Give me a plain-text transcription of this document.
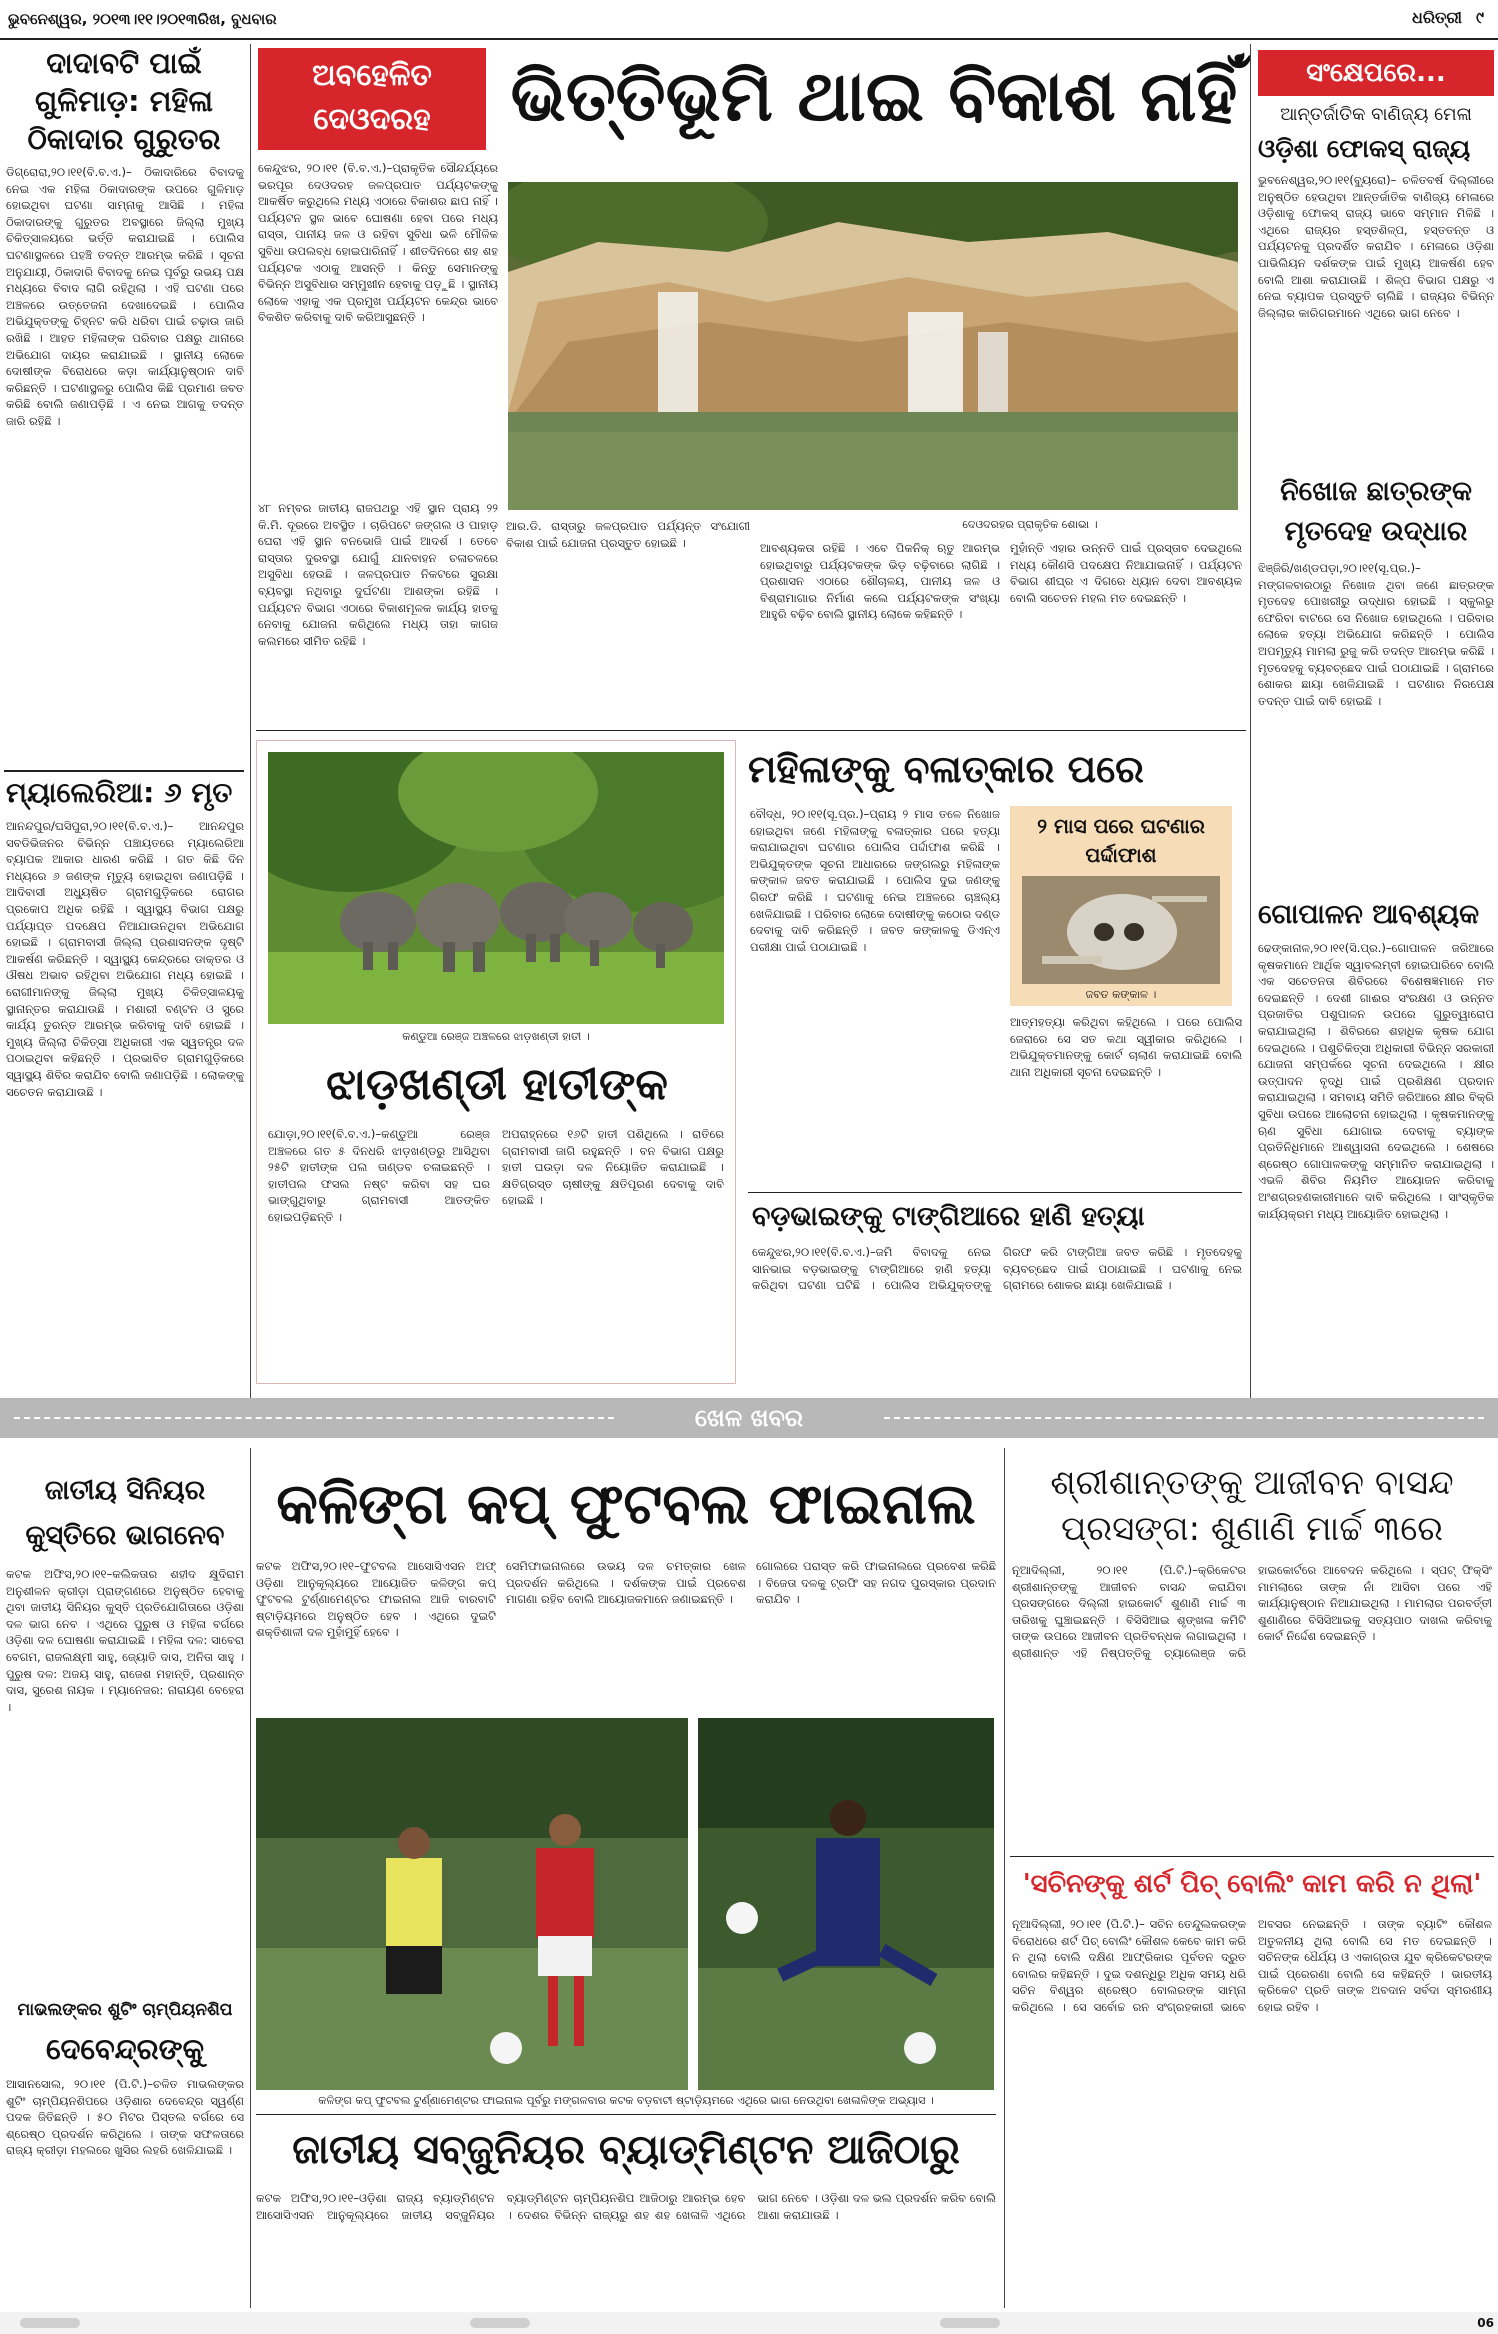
ଭୁବନେଶ୍ୱର, ୨୦୧୩।୧୧।୨୦୧୩ରିଖ, ବୁଧବାର	ଧରିତ୍ରୀ ୯
ଦାଦାବଟି ପାଇଁ ଗୁଳିମାଡ଼: ମହିଳା ଠିକାଦାର ଗୁରୁତର
ଡିଗ୍ରୋରା,୨୦।୧୧(ବି.ବ.ଏ.)– ଠିକାଦାରିରେ ବିବାଦକୁ ନେଇ ଏକ ମହିଳା ଠିକାଦାରଙ୍କ ଉପରେ ଗୁଳିମାଡ଼ ହୋଇଥିବା ଘଟଣା ସାମ୍ନାକୁ ଆସିଛି । ମହିଳା ଠିକାଦାରଙ୍କୁ ଗୁରୁତର ଅବସ୍ଥାରେ ଜିଲ୍ଲା ମୁଖ୍ୟ ଚିକିତ୍ସାଳୟରେ ଭର୍ତ୍ତି କରାଯାଇଛି । ପୋଲିସ ଘଟଣାସ୍ଥଳରେ ପହଞ୍ଚି ତଦନ୍ତ ଆରମ୍ଭ କରିଛି । ସୂଚନା ଅନୁଯାୟୀ, ଠିକାଦାରି ବିବାଦକୁ ନେଇ ପୂର୍ବରୁ ଉଭୟ ପକ୍ଷ ମଧ୍ୟରେ ବିବାଦ ଲାଗି ରହିଥିଲା । ଏହି ଘଟଣା ପରେ ଅଞ୍ଚଳରେ ଉତ୍ତେଜନା ଦେଖାଦେଇଛି । ପୋଲିସ ଅଭିଯୁକ୍ତଙ୍କୁ ଚିହ୍ନଟ କରି ଧରିବା ପାଇଁ ଚଢ଼ାଉ ଜାରି ରଖିଛି । ଆହତ ମହିଳାଙ୍କ ପରିବାର ପକ୍ଷରୁ ଥାନାରେ ଅଭିଯୋଗ ଦାୟର କରାଯାଇଛି । ସ୍ଥାନୀୟ ଲୋକେ ଦୋଷୀଙ୍କ ବିରୋଧରେ କଡ଼ା କାର୍ଯ୍ୟାନୁଷ୍ଠାନ ଦାବି କରିଛନ୍ତି । ଘଟଣାସ୍ଥଳରୁ ପୋଲିସ କିଛି ପ୍ରମାଣ ଜବତ କରିଛି ବୋଲି ଜଣାପଡ଼ିଛି । ଏ ନେଇ ଆଗକୁ ତଦନ୍ତ ଜାରି ରହିଛି ।
ମ୍ୟାଲେରିଆ: ୬ ମୃତ
ଆନନ୍ଦପୁର/ଘସିପୁରା,୨୦।୧୧(ବି.ବ.ଏ.)– ଆନନ୍ଦପୁର ସବଡିଭିଜନର ବିଭିନ୍ନ ପଞ୍ଚାୟତରେ ମ୍ୟାଲେରିଆ ବ୍ୟାପକ ଆକାର ଧାରଣ କରିଛି । ଗତ କିଛି ଦିନ ମଧ୍ୟରେ ୬ ଜଣଙ୍କ ମୃତ୍ୟୁ ହୋଇଥିବା ଜଣାପଡ଼ିଛି । ଆଦିବାସୀ ଅଧ୍ୟୁଷିତ ଗ୍ରାମଗୁଡ଼ିକରେ ରୋଗର ପ୍ରକୋପ ଅଧିକ ରହିଛି । ସ୍ୱାସ୍ଥ୍ୟ ବିଭାଗ ପକ୍ଷରୁ ପର୍ଯ୍ୟାପ୍ତ ପଦକ୍ଷେପ ନିଆଯାଉନଥିବା ଅଭିଯୋଗ ହୋଇଛି । ଗ୍ରାମବାସୀ ଜିଲ୍ଲା ପ୍ରଶାସନଙ୍କ ଦୃଷ୍ଟି ଆକର୍ଷଣ କରିଛନ୍ତି । ସ୍ୱାସ୍ଥ୍ୟ କେନ୍ଦ୍ରରେ ଡାକ୍ତର ଓ ଔଷଧ ଅଭାବ ରହିଥିବା ଅଭିଯୋଗ ମଧ୍ୟ ହୋଇଛି । ରୋଗୀମାନଙ୍କୁ ଜିଲ୍ଲା ମୁଖ୍ୟ ଚିକିତ୍ସାଳୟକୁ ସ୍ଥାନାନ୍ତର କରାଯାଉଛି । ମଶାରୀ ବଣ୍ଟନ ଓ ସ୍ପ୍ରେ କାର୍ଯ୍ୟ ତୁରନ୍ତ ଆରମ୍ଭ କରିବାକୁ ଦାବି ହୋଇଛି । ମୁଖ୍ୟ ଜିଲ୍ଲା ଚିକିତ୍ସା ଅଧିକାରୀ ଏକ ସ୍ୱତନ୍ତ୍ର ଦଳ ପଠାଇଥିବା କହିଛନ୍ତି । ପ୍ରଭାବିତ ଗ୍ରାମଗୁଡ଼ିକରେ ସ୍ୱାସ୍ଥ୍ୟ ଶିବିର କରାଯିବ ବୋଲି ଜଣାପଡ଼ିଛି । ଲୋକଙ୍କୁ ସଚେତନ କରାଯାଉଛି ।
ଅବହେଳିତ ଦେଓଦରହ	ଭିତ୍ତିଭୂମି ଥାଇ ବିକାଶ ନାହିଁ
କେନ୍ଦୁଝର, ୨୦।୧୧ (ବି.ବ.ଏ.)–ପ୍ରାକୃତିକ ସୌନ୍ଦର୍ଯ୍ୟରେ ଭରପୂର ଦେଓଦରହ ଜଳପ୍ରପାତ ପର୍ଯ୍ୟଟକଙ୍କୁ ଆକର୍ଷିତ କରୁଥିଲେ ମଧ୍ୟ ଏଠାରେ ବିକାଶର ଛାପ ନାହିଁ । ପର୍ଯ୍ୟଟନ ସ୍ଥଳ ଭାବେ ଘୋଷଣା ହେବା ପରେ ମଧ୍ୟ ରାସ୍ତା, ପାନୀୟ ଜଳ ଓ ରହିବା ସୁବିଧା ଭଳି ମୌଳିକ ସୁବିଧା ଉପଲବ୍ଧ ହୋଇପାରିନାହିଁ । ଶୀତଦିନରେ ଶହ ଶହ ପର୍ଯ୍ୟଟକ ଏଠାକୁ ଆସନ୍ତି । କିନ୍ତୁ ସେମାନଙ୍କୁ ବିଭିନ୍ନ ଅସୁବିଧାର ସମ୍ମୁଖୀନ ହେବାକୁ ପଡ଼ୁଛି । ସ୍ଥାନୀୟ ଲୋକେ ଏହାକୁ ଏକ ପ୍ରମୁଖ ପର୍ଯ୍ୟଟନ କେନ୍ଦ୍ର ଭାବେ ବିକଶିତ କରିବାକୁ ଦାବି କରିଆସୁଛନ୍ତି ।
୪୮ ନମ୍ବର ଜାତୀୟ ରାଜପଥରୁ ଏହି ସ୍ଥାନ ପ୍ରାୟ ୨୨ କି.ମି. ଦୂରରେ ଅବସ୍ଥିତ । ଚାରିପଟେ ଜଙ୍ଗଲ ଓ ପାହାଡ଼ ଘେରା ଏହି ସ୍ଥାନ ବନଭୋଜି ପାଇଁ ଆଦର୍ଶ । ତେବେ ରାସ୍ତାର ଦୁରବସ୍ଥା ଯୋଗୁଁ ଯାନବାହନ ଚଳାଚଳରେ ଅସୁବିଧା ହେଉଛି । ଜଳପ୍ରପାତ ନିକଟରେ ସୁରକ୍ଷା ବ୍ୟବସ୍ଥା ନଥିବାରୁ ଦୁର୍ଘଟଣା ଆଶଙ୍କା ରହିଛି । ପର୍ଯ୍ୟଟନ ବିଭାଗ ଏଠାରେ ବିକାଶମୂଳକ କାର୍ଯ୍ୟ ହାତକୁ ନେବାକୁ ଯୋଜନା କରିଥିଲେ ମଧ୍ୟ ତାହା କାଗଜ କଲମରେ ସୀମିତ ରହିଛି ।
ଆର.ଡି. ରାସ୍ତାରୁ ଜଳପ୍ରପାତ ପର୍ଯ୍ୟନ୍ତ ସଂଯୋଗୀ ବିକାଶ ପାଇଁ ଯୋଜନା ପ୍ରସ୍ତୁତ ହୋଇଛି ।
ଦେଓଦରହର ପ୍ରାକୃତିକ ଶୋଭା ।
ଆବଶ୍ୟକତା ରହିଛି । ଏବେ ପିକନିକ୍ ଋତୁ ଆରମ୍ଭ ହୋଇଥିବାରୁ ପର୍ଯ୍ୟଟକଙ୍କ ଭିଡ଼ ବଢ଼ିବାରେ ଲାଗିଛି । ପ୍ରଶାସନ ଏଠାରେ ଶୌଚାଳୟ, ପାନୀୟ ଜଳ ଓ ବିଶ୍ରାମାଗାର ନିର୍ମାଣ କଲେ ପର୍ଯ୍ୟଟକଙ୍କ ସଂଖ୍ୟା ଆହୁରି ବଢ଼ିବ ବୋଲି ସ୍ଥାନୀୟ ଲୋକେ କହିଛନ୍ତି ।
ମୁହାଁନ୍ତି ଏହାର ଉନ୍ନତି ପାଇଁ ପ୍ରସ୍ତାବ ଦେଇଥିଲେ ମଧ୍ୟ କୌଣସି ପଦକ୍ଷେପ ନିଆଯାଇନାହିଁ । ପର୍ଯ୍ୟଟନ ବିଭାଗ ଶୀଘ୍ର ଏ ଦିଗରେ ଧ୍ୟାନ ଦେବା ଆବଶ୍ୟକ ବୋଲି ସଚେତନ ମହଲ ମତ ଦେଇଛନ୍ତି ।
କଣ୍ଡୁଆ ରେଞ୍ଜ ଅଞ୍ଚଳରେ ଝାଡ଼ଖଣ୍ଡୀ ହାତୀ ।
ଝାଡ଼ଖଣ୍ଡୀ ହାତୀଙ୍କ
ଯୋଡ଼ା,୨୦।୧୧(ବି.ବ.ଏ.)–କଣ୍ଡୁଆ ରେଞ୍ଜ ଅଞ୍ଚଳରେ ଗତ ୫ ଦିନଧରି ଝାଡ଼ଖଣ୍ଡରୁ ଆସିଥିବା ୨୫ଟି ହାତୀଙ୍କ ପଲ ତାଣ୍ଡବ ଚଳାଇଛନ୍ତି । ହାତୀପଲ ଫସଲ ନଷ୍ଟ କରିବା ସହ ଘର ଭାଙ୍ଗୁଥିବାରୁ ଗ୍ରାମବାସୀ ଆତଙ୍କିତ ହୋଇପଡ଼ିଛନ୍ତି ।
ଅପରାହ୍ନରେ ୧୬ଟି ହାତୀ ପଶିଥିଲେ । ରାତିରେ ଗ୍ରାମବାସୀ ଜାଗି ରହୁଛନ୍ତି । ବନ ବିଭାଗ ପକ୍ଷରୁ ହାତୀ ଘଉଡ଼ା ଦଳ ନିୟୋଜିତ କରାଯାଇଛି । କ୍ଷତିଗ୍ରସ୍ତ ଚାଷୀଙ୍କୁ କ୍ଷତିପୂରଣ ଦେବାକୁ ଦାବି ହୋଇଛି ।
ମହିଳାଙ୍କୁ ବଳାତ୍କାର ପରେ
ବୌଦ୍ଧ, ୨୦।୧୧(ସୂ.ପ୍ର.)–ପ୍ରାୟ ୨ ମାସ ତଳେ ନିଖୋଜ ହୋଇଥିବା ଜଣେ ମହିଳାଙ୍କୁ ବଳାତ୍କାର ପରେ ହତ୍ୟା କରାଯାଇଥିବା ଘଟଣାର ପୋଲିସ ପର୍ଦ୍ଦାଫାଶ କରିଛି । ଅଭିଯୁକ୍ତଙ୍କ ସୂଚନା ଆଧାରରେ ଜଙ୍ଗଲରୁ ମହିଳାଙ୍କ କଙ୍କାଳ ଜବତ କରାଯାଇଛି । ପୋଲିସ ଦୁଇ ଜଣଙ୍କୁ ଗିରଫ କରିଛି । ଘଟଣାକୁ ନେଇ ଅଞ୍ଚଳରେ ଚାଞ୍ଚଲ୍ୟ ଖେଳିଯାଇଛି । ପରିବାର ଲୋକେ ଦୋଷୀଙ୍କୁ କଠୋର ଦଣ୍ଡ ଦେବାକୁ ଦାବି କରିଛନ୍ତି । ଜବତ କଙ୍କାଳକୁ ଡିଏନ୍ଏ ପରୀକ୍ଷା ପାଇଁ ପଠାଯାଇଛି ।
୨ ମାସ ପରେ ଘଟଣାର ପର୍ଦ୍ଦାଫାଶ
ଜବତ କଙ୍କାଳ ।
ଆତ୍ମହତ୍ୟା କରିଥିବା କହିଥିଲେ । ପରେ ପୋଲିସ ଜେରାରେ ସେ ସତ କଥା ସ୍ୱୀକାର କରିଥିଲେ । ଅଭିଯୁକ୍ତମାନଙ୍କୁ କୋର୍ଟ ଚାଲାଣ କରାଯାଇଛି ବୋଲି ଥାନା ଅଧିକାରୀ ସୂଚନା ଦେଇଛନ୍ତି ।
ବଡ଼ଭାଇଙ୍କୁ ଟାଙ୍ଗିଆରେ ହାଣି ହତ୍ୟା
କେନ୍ଦୁଝର,୨୦।୧୧(ବି.ବ.ଏ.)–ଜମି ବିବାଦକୁ ନେଇ ସାନଭାଇ ବଡ଼ଭାଇଙ୍କୁ ଟାଙ୍ଗିଆରେ ହାଣି ହତ୍ୟା କରିଥିବା ଘଟଣା ଘଟିଛି । ପୋଲିସ ଅଭିଯୁକ୍ତଙ୍କୁ ଗିରଫ କରି ଟାଙ୍ଗିଆ ଜବତ କରିଛି । ମୃତଦେହକୁ ବ୍ୟବଚ୍ଛେଦ ପାଇଁ ପଠାଯାଇଛି । ଘଟଣାକୁ ନେଇ ଗ୍ରାମରେ ଶୋକର ଛାୟା ଖେଳିଯାଇଛି ।
ସଂକ୍ଷେପରେ...
ଆନ୍ତର୍ଜାତିକ ବାଣିଜ୍ୟ ମେଳା
ଓଡ଼ିଶା ଫୋକସ୍ ରାଜ୍ୟ
ଭୁବନେଶ୍ୱର,୨୦।୧୧(ବ୍ୟୁରୋ)– ଚଳିତବର୍ଷ ଦିଲ୍ଲୀରେ ଅନୁଷ୍ଠିତ ହେଉଥିବା ଆନ୍ତର୍ଜାତିକ ବାଣିଜ୍ୟ ମେଳାରେ ଓଡ଼ିଶାକୁ ଫୋକସ୍ ରାଜ୍ୟ ଭାବେ ସମ୍ମାନ ମିଳିଛି । ଏଥିରେ ରାଜ୍ୟର ହସ୍ତଶିଳ୍ପ, ହସ୍ତତନ୍ତ ଓ ପର୍ଯ୍ୟଟନକୁ ପ୍ରଦର୍ଶିତ କରାଯିବ । ମେଳାରେ ଓଡ଼ିଶା ପାଭିଲିୟନ ଦର୍ଶକଙ୍କ ପାଇଁ ମୁଖ୍ୟ ଆକର୍ଷଣ ହେବ ବୋଲି ଆଶା କରାଯାଉଛି । ଶିଳ୍ପ ବିଭାଗ ପକ୍ଷରୁ ଏ ନେଇ ବ୍ୟାପକ ପ୍ରସ୍ତୁତି ଚାଲିଛି । ରାଜ୍ୟର ବିଭିନ୍ନ ଜିଲ୍ଲାର କାରିଗରମାନେ ଏଥିରେ ଭାଗ ନେବେ ।
ନିଖୋଜ ଛାତ୍ରଙ୍କ ମୃତଦେହ ଉଦ୍ଧାର
ଝିଞ୍ଜିରି/ଖଣ୍ଡପଡ଼ା,୨୦।୧୧(ସୂ.ପ୍ର.)– ମଙ୍ଗଳବାରଠାରୁ ନିଖୋଜ ଥିବା ଜଣେ ଛାତ୍ରଙ୍କ ମୃତଦେହ ପୋଖରୀରୁ ଉଦ୍ଧାର ହୋଇଛି । ସ୍କୁଲରୁ ଫେରିବା ବାଟରେ ସେ ନିଖୋଜ ହୋଇଥିଲେ । ପରିବାର ଲୋକେ ହତ୍ୟା ଅଭିଯୋଗ କରିଛନ୍ତି । ପୋଲିସ ଅପମୃତ୍ୟୁ ମାମଲା ରୁଜୁ କରି ତଦନ୍ତ ଆରମ୍ଭ କରିଛି । ମୃତଦେହକୁ ବ୍ୟବଚ୍ଛେଦ ପାଇଁ ପଠାଯାଇଛି । ଗ୍ରାମରେ ଶୋକର ଛାୟା ଖେଳିଯାଇଛି । ଘଟଣାର ନିରପେକ୍ଷ ତଦନ୍ତ ପାଇଁ ଦାବି ହୋଇଛି ।
ଗୋପାଳନ ଆବଶ୍ୟକ
ଢେଙ୍କାନାଳ,୨୦।୧୧(ସି.ପ୍ର.)–ଗୋପାଳନ ଜରିଆରେ କୃଷକମାନେ ଆର୍ଥିକ ସ୍ୱାବଲମ୍ବୀ ହୋଇପାରିବେ ବୋଲି ଏକ ସଚେତନତା ଶିବିରରେ ବିଶେଷଜ୍ଞମାନେ ମତ ଦେଇଛନ୍ତି । ଦେଶୀ ଗାଈର ସଂରକ୍ଷଣ ଓ ଉନ୍ନତ ପ୍ରଜାତିର ପଶୁପାଳନ ଉପରେ ଗୁରୁତ୍ୱାରୋପ କରାଯାଇଥିଲା । ଶିବିରରେ ଶହାଧିକ କୃଷକ ଯୋଗ ଦେଇଥିଲେ । ପଶୁଚିକିତ୍ସା ଅଧିକାରୀ ବିଭିନ୍ନ ସରକାରୀ ଯୋଜନା ସମ୍ପର୍କରେ ସୂଚନା ଦେଇଥିଲେ । କ୍ଷୀର ଉତ୍ପାଦନ ବୃଦ୍ଧି ପାଇଁ ପ୍ରଶିକ୍ଷଣ ପ୍ରଦାନ କରାଯାଇଥିଲା । ସମବାୟ ସମିତି ଜରିଆରେ କ୍ଷୀର ବିକ୍ରି ସୁବିଧା ଉପରେ ଆଲୋଚନା ହୋଇଥିଲା । କୃଷକମାନଙ୍କୁ ଋଣ ସୁବିଧା ଯୋଗାଇ ଦେବାକୁ ବ୍ୟାଙ୍କ ପ୍ରତିନିଧିମାନେ ଆଶ୍ୱାସନା ଦେଇଥିଲେ । ଶେଷରେ ଶ୍ରେଷ୍ଠ ଗୋପାଳକଙ୍କୁ ସମ୍ମାନିତ କରାଯାଇଥିଲା । ଏଭଳି ଶିବିର ନିୟମିତ ଆୟୋଜନ କରିବାକୁ ଅଂଶଗ୍ରହଣକାରୀମାନେ ଦାବି କରିଥିଲେ । ସାଂସ୍କୃତିକ କାର୍ଯ୍ୟକ୍ରମ ମଧ୍ୟ ଆୟୋଜିତ ହୋଇଥିଲା ।
ଖେଳ ଖବର
ଜାତୀୟ ସିନିୟର କୁସ୍ତିରେ ଭାଗନେବ
କଟକ ଅଫିସ,୨୦।୧୧–କଲିକତାର ଶହୀଦ କ୍ଷୁଦିରାମ ଅନୁଶୀଳନ କ୍ରୀଡ଼ା ପ୍ରାଙ୍ଗଣରେ ଅନୁଷ୍ଠିତ ହେବାକୁ ଥିବା ଜାତୀୟ ସିନିୟର କୁସ୍ତି ପ୍ରତିଯୋଗିତାରେ ଓଡ଼ିଶା ଦଳ ଭାଗ ନେବ । ଏଥିରେ ପୁରୁଷ ଓ ମହିଳା ବର୍ଗରେ ଓଡ଼ିଶା ଦଳ ଘୋଷଣା କରାଯାଇଛି । ମହିଳା ଦଳ: ସାବେରା ବେଗମ, ରାଜଲକ୍ଷ୍ମୀ ସାହୁ, ଜ୍ୟୋତି ଦାସ, ଅନିତା ସାହୁ । ପୁରୁଷ ଦଳ: ଅଜୟ ସାହୁ, ରାଜେଶ ମହାନ୍ତି, ପ୍ରଶାନ୍ତ ଦାସ, ସୁରେଶ ନାୟକ । ମ୍ୟାନେଜର: ନାରାୟଣ ବେହେରା ।
ମାଭଲଙ୍କର ଶୁଟିଂ ଚାମ୍ପିୟନଶିପ
ଦେବେନ୍ଦ୍ରଙ୍କୁ
ଆସାନସୋଲ, ୨୦।୧୧ (ପି.ଟି.)–ଚଳିତ ମାଭଲଙ୍କର ଶୁଟିଂ ଚାମ୍ପିୟନଶିପରେ ଓଡ଼ିଶାର ଦେବେନ୍ଦ୍ର ସ୍ୱର୍ଣ୍ଣ ପଦକ ଜିତିଛନ୍ତି । ୫୦ ମିଟର ପିସ୍ତଲ ବର୍ଗରେ ସେ ଶ୍ରେଷ୍ଠ ପ୍ରଦର୍ଶନ କରିଥିଲେ । ତାଙ୍କ ସଫଳତାରେ ରାଜ୍ୟ କ୍ରୀଡ଼ା ମହଲରେ ଖୁସିର ଲହରି ଖେଳିଯାଇଛି ।
କଳିଙ୍ଗ କପ୍ ଫୁଟବଲ ଫାଇନାଲ
କଟକ ଅଫିସ,୨୦।୧୧–ଫୁଟବଲ ଆସୋସିଏସନ ଅଫ୍ ଓଡ଼ିଶା ଆନୁକୂଲ୍ୟରେ ଆୟୋଜିତ କଳିଙ୍ଗ କପ୍ ଫୁଟବଲ ଟୁର୍ଣ୍ଣାମେଣ୍ଟର ଫାଇନାଲ ଆଜି ବାରବାଟି ଷ୍ଟାଡ଼ିୟମରେ ଅନୁଷ୍ଠିତ ହେବ । ଏଥିରେ ଦୁଇଟି ଶକ୍ତିଶାଳୀ ଦଳ ମୁହାଁମୁହିଁ ହେବେ ।
ସେମିଫାଇନାଲରେ ଉଭୟ ଦଳ ଚମତ୍କାର ଖେଳ ପ୍ରଦର୍ଶନ କରିଥିଲେ । ଦର୍ଶକଙ୍କ ପାଇଁ ପ୍ରବେଶ ମାଗଣା ରହିବ ବୋଲି ଆୟୋଜକମାନେ ଜଣାଇଛନ୍ତି ।
ଗୋଲରେ ପରାସ୍ତ କରି ଫାଇନାଲରେ ପ୍ରବେଶ କରିଛି । ବିଜେତା ଦଳକୁ ଟ୍ରଫି ସହ ନଗଦ ପୁରସ୍କାର ପ୍ରଦାନ କରାଯିବ ।
କଳିଙ୍ଗ କପ୍ ଫୁଟବଲ ଟୁର୍ଣ୍ଣାମେଣ୍ଟର ଫାଇନାଲ ପୂର୍ବରୁ ମଙ୍ଗଳବାର କଟକ ବଡ଼ବାଟୀ ଷ୍ଟାଡ଼ିୟମରେ ଏଥିରେ ଭାଗ ନେଉଥିବା ଖେଳାଳିଙ୍କ ଅଭ୍ୟାସ ।
ଜାତୀୟ ସବ୍‌ଜୁନିୟର ବ୍ୟାଡ୍ମିଣ୍ଟନ ଆଜିଠାରୁ
କଟକ ଅଫିସ,୨୦।୧୧–ଓଡ଼ିଶା ରାଜ୍ୟ ବ୍ୟାଡ୍ମିଣ୍ଟନ ଆସୋସିଏସନ ଆନୁକୂଲ୍ୟରେ ଜାତୀୟ ସବ୍‌ଜୁନିୟର ବ୍ୟାଡ୍ମିଣ୍ଟନ ଚାମ୍ପିୟନଶିପ ଆଜିଠାରୁ ଆରମ୍ଭ ହେବ । ଦେଶର ବିଭିନ୍ନ ରାଜ୍ୟରୁ ଶହ ଶହ ଖେଳାଳି ଏଥିରେ ଭାଗ ନେବେ । ଓଡ଼ିଶା ଦଳ ଭଲ ପ୍ରଦର୍ଶନ କରିବ ବୋଲି ଆଶା କରାଯାଉଛି ।
ଶ୍ରୀଶାନ୍ତଙ୍କୁ ଆଜୀବନ ବାସନ୍ଦ ପ୍ରସଙ୍ଗ: ଶୁଣାଣି ମାର୍ଚ୍ଚ ୩ରେ
ନୂଆଦିଲ୍ଲୀ, ୨୦।୧୧ (ପି.ଟି.)–କ୍ରିକେଟର ଶ୍ରୀଶାନ୍ତଙ୍କୁ ଆଜୀବନ ବାସନ୍ଦ କରାଯିବା ପ୍ରସଙ୍ଗରେ ଦିଲ୍ଲୀ ହାଇକୋର୍ଟ ଶୁଣାଣି ମାର୍ଚ୍ଚ ୩ ତାରିଖକୁ ଘୁଞ୍ଚାଇଛନ୍ତି । ବିସିସିଆଇ ଶୃଙ୍ଖଳା କମିଟି ତାଙ୍କ ଉପରେ ଆଜୀବନ ପ୍ରତିବନ୍ଧକ ଲଗାଇଥିଲା । ଶ୍ରୀଶାନ୍ତ ଏହି ନିଷ୍ପତ୍ତିକୁ ଚ୍ୟାଲେଞ୍ଜ କରି ହାଇକୋର୍ଟରେ ଆବେଦନ କରିଥିଲେ । ସ୍ପଟ୍ ଫିକ୍ସିଂ ମାମଲାରେ ତାଙ୍କ ନାଁ ଆସିବା ପରେ ଏହି କାର୍ଯ୍ୟାନୁଷ୍ଠାନ ନିଆଯାଇଥିଲା । ମାମଲାର ପରବର୍ତ୍ତୀ ଶୁଣାଣିରେ ବିସିସିଆଇକୁ ସତ୍ୟପାଠ ଦାଖଲ କରିବାକୁ କୋର୍ଟ ନିର୍ଦ୍ଦେଶ ଦେଇଛନ୍ତି ।
'ସଚିନଙ୍କୁ ଶର୍ଟ ପିଚ୍ ବୋଲିଂ କାମ କରି ନ ଥିଲା'
ନୂଆଦିଲ୍ଲୀ, ୨୦।୧୧ (ପି.ଟି.)– ସଚିନ ତେନ୍ଦୁଲକରଙ୍କ ବିରୋଧରେ ଶର୍ଟ ପିଚ୍ ବୋଲିଂ କୌଶଳ କେବେ କାମ କରି ନ ଥିଲା ବୋଲି ଦକ୍ଷିଣ ଆଫ୍ରିକାର ପୂର୍ବତନ ଦ୍ରୁତ ବୋଲର କହିଛନ୍ତି । ଦୁଇ ଦଶନ୍ଧିରୁ ଅଧିକ ସମୟ ଧରି ସଚିନ ବିଶ୍ୱର ଶ୍ରେଷ୍ଠ ବୋଲରଙ୍କ ସାମ୍ନା କରିଥିଲେ । ସେ ସର୍ବୋଚ୍ଚ ରନ ସଂଗ୍ରହକାରୀ ଭାବେ ଅବସର ନେଇଛନ୍ତି । ତାଙ୍କ ବ୍ୟାଟିଂ କୌଶଳ ଅତୁଳନୀୟ ଥିଲା ବୋଲି ସେ ମତ ଦେଇଛନ୍ତି । ସଚିନଙ୍କ ଧୈର୍ଯ୍ୟ ଓ ଏକାଗ୍ରତା ଯୁବ କ୍ରିକେଟରଙ୍କ ପାଇଁ ପ୍ରେରଣା ବୋଲି ସେ କହିଛନ୍ତି । ଭାରତୀୟ କ୍ରିକେଟ ପ୍ରତି ତାଙ୍କ ଅବଦାନ ସର୍ବଦା ସ୍ମରଣୀୟ ହୋଇ ରହିବ ।
06
